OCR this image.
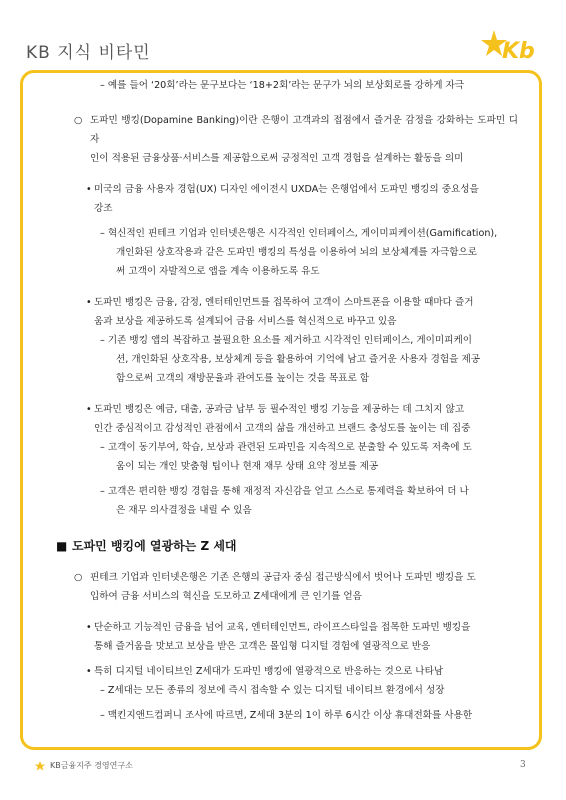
KB 지식 비타민	Kb
– 예를 들어 ‘20회’라는 문구보다는 ‘18+2회’라는 문구가 뇌의 보상회로를 강하게 자극
○ 도파민 뱅킹(Dopamine Banking)이란 은행이 고객과의 접점에서 즐거운 감정을 강화하는 도파민 디자
인이 적용된 금융상품·서비스를 제공함으로써 긍정적인 고객 경험을 설계하는 활동을 의미
• 미국의 금융 사용자 경험(UX) 디자인 에이전시 UXDA는 은행업에서 도파민 뱅킹의 중요성을
강조
– 혁신적인 핀테크 기업과 인터넷은행은 시각적인 인터페이스, 게이미피케이션(Gamification),
개인화된 상호작용과 같은 도파민 뱅킹의 특성을 이용하여 뇌의 보상체계를 자극함으로
써 고객이 자발적으로 앱을 계속 이용하도록 유도
• 도파민 뱅킹은 금융, 감정, 엔터테인먼트를 접목하여 고객이 스마트폰을 이용할 때마다 즐거
움과 보상을 제공하도록 설계되어 금융 서비스를 혁신적으로 바꾸고 있음
– 기존 뱅킹 앱의 복잡하고 불필요한 요소를 제거하고 시각적인 인터페이스, 게이미피케이
션, 개인화된 상호작용, 보상체계 등을 활용하여 기억에 남고 즐거운 사용자 경험을 제공
함으로써 고객의 재방문율과 관여도를 높이는 것을 목표로 함
• 도파민 뱅킹은 예금, 대출, 공과금 납부 등 필수적인 뱅킹 기능을 제공하는 데 그치지 않고
인간 중심적이고 감성적인 관점에서 고객의 삶을 개선하고 브랜드 충성도를 높이는 데 집중
– 고객이 동기부여, 학습, 보상과 관련된 도파민을 지속적으로 분출할 수 있도록 저축에 도
움이 되는 개인 맞춤형 팁이나 현재 재무 상태 요약 정보를 제공
– 고객은 편리한 뱅킹 경험을 통해 재정적 자신감을 얻고 스스로 통제력을 확보하여 더 나
은 재무 의사결정을 내릴 수 있음
■ 도파민 뱅킹에 열광하는 Z 세대
○ 핀테크 기업과 인터넷은행은 기존 은행의 공급자 중심 접근방식에서 벗어나 도파민 뱅킹을 도
입하여 금융 서비스의 혁신을 도모하고 Z세대에게 큰 인기를 얻음
• 단순하고 기능적인 금융을 넘어 교육, 엔터테인먼트, 라이프스타일을 접목한 도파민 뱅킹을
통해 즐거움을 맛보고 보상을 받은 고객은 몰입형 디지털 경험에 열광적으로 반응
• 특히 디지털 네이티브인 Z세대가 도파민 뱅킹에 열광적으로 반응하는 것으로 나타남
– Z세대는 모든 종류의 정보에 즉시 접속할 수 있는 디지털 네이티브 환경에서 성장
– 맥킨지앤드컴퍼니 조사에 따르면, Z세대 3분의 1이 하루 6시간 이상 휴대전화를 사용한
KB금융지주 경영연구소	3
